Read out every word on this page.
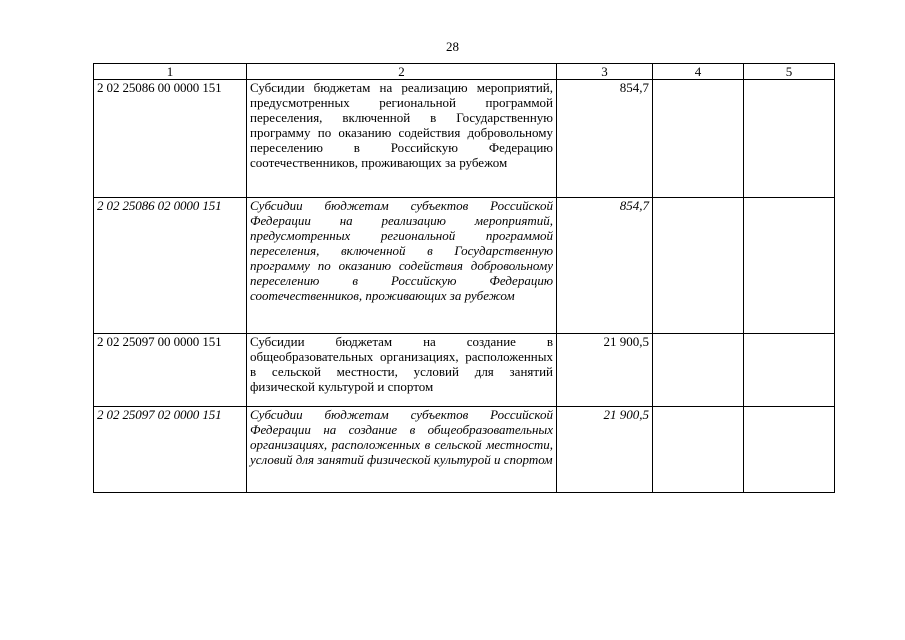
28
1	2	3	4	5
2 02 25086 00 0000 151	Субсидии бюджетам на реализацию мероприятий, предусмотренных региональной программой переселения, включенной в Государственную программу по оказанию содействия добровольному переселению в Российскую Федерацию соотечественников, проживающих за рубежом	854,7		
2 02 25086 02 0000 151	Субсидии бюджетам субъектов Российской Федерации на реализацию мероприятий, предусмотренных региональной программой переселения, включенной в Государственную программу по оказанию содействия добровольному переселению в Российскую Федерацию соотечественников, проживающих за рубежом	854,7		
2 02 25097 00 0000 151	Субсидии бюджетам на создание в общеобразовательных организациях, расположенных в сельской местности, условий для занятий физической культурой и спортом	21 900,5		
2 02 25097 02 0000 151	Субсидии бюджетам субъектов Российской Федерации на создание в общеобразовательных организациях, расположенных в сельской местности, условий для занятий физической культурой и спортом	21 900,5		
